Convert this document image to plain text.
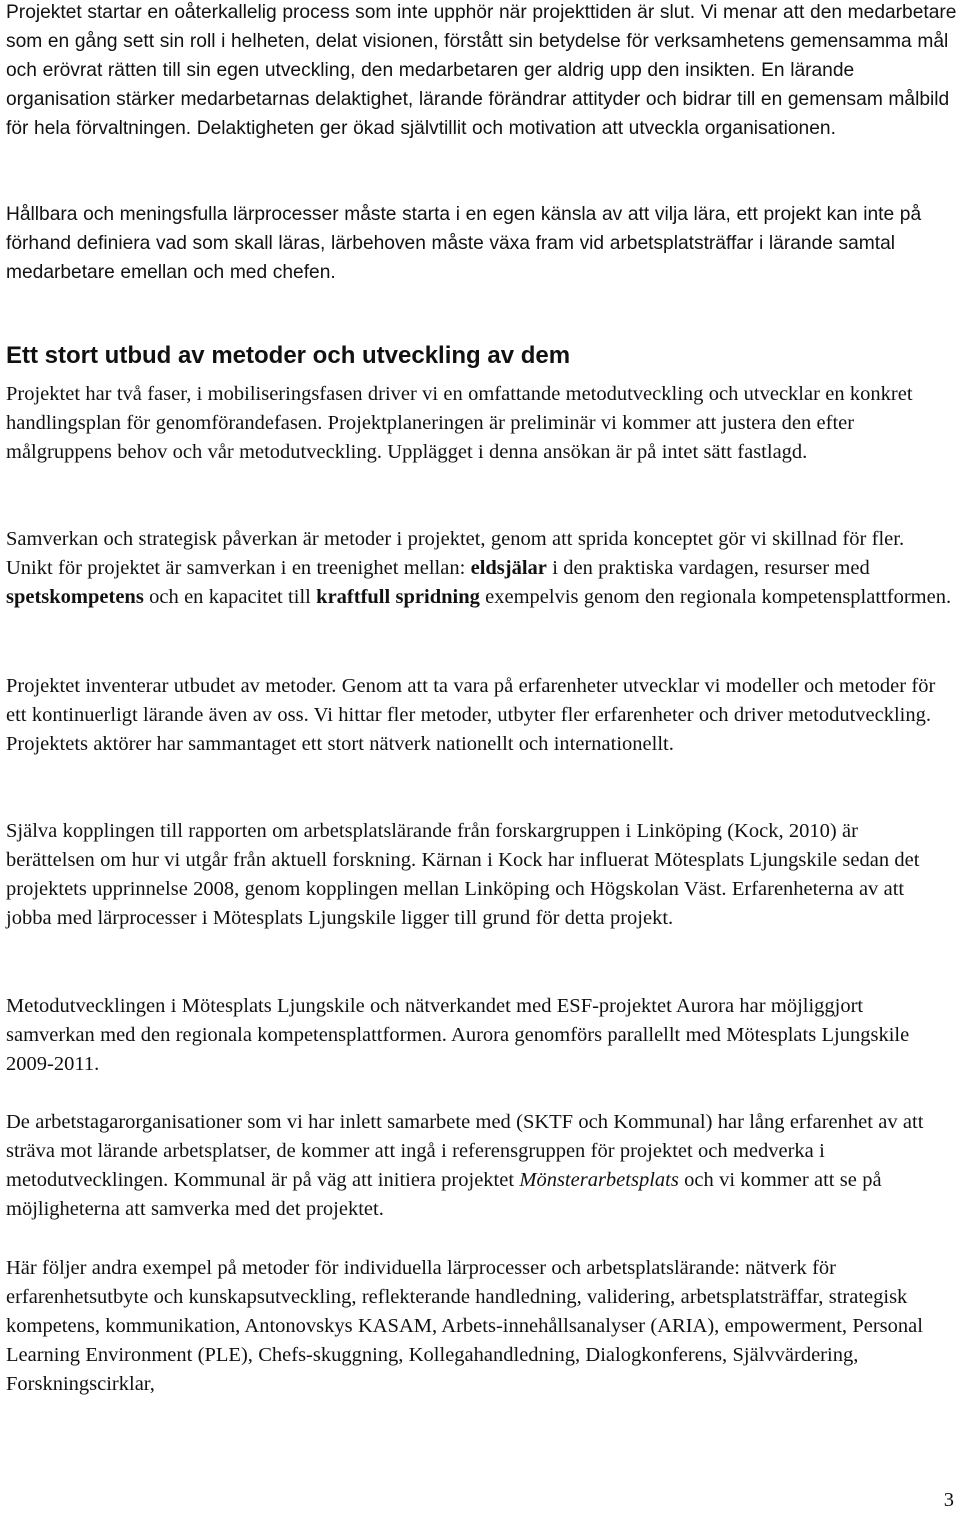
Projektet startar en oåterkallelig process som inte upphör när projekttiden är slut. Vi menar att den medarbetare som en gång sett sin roll i helheten, delat visionen, förstått sin betydelse för verksamhetens gemensamma mål och erövrat rätten till sin egen utveckling, den medarbetaren ger aldrig upp den insikten. En lärande organisation stärker medarbetarnas delaktighet, lärande förändrar attityder och bidrar till en gemensam målbild för hela förvaltningen. Delaktigheten ger ökad självtillit och motivation att utveckla organisationen.

Hållbara och meningsfulla lärprocesser måste starta i en egen känsla av att vilja lära, ett projekt kan inte på förhand definiera vad som skall läras, lärbehoven måste växa fram vid arbetsplatsträffar i lärande samtal medarbetare emellan och med chefen.

Ett stort utbud av metoder och utveckling av dem

Projektet har två faser, i mobiliseringsfasen driver vi en omfattande metodutveckling och utvecklar en konkret handlingsplan för genomförandefasen. Projektplaneringen är preliminär vi kommer att justera den efter målgruppens behov och vår metodutveckling. Upplägget i denna ansökan är på intet sätt fastlagd.

Samverkan och strategisk påverkan är metoder i projektet, genom att sprida konceptet gör vi skillnad för fler. Unikt för projektet är samverkan i en treenighet mellan: eldsjälar i den praktiska vardagen, resurser med spetskompetens och en kapacitet till kraftfull spridning exempelvis genom den regionala kompetensplattformen.

Projektet inventerar utbudet av metoder. Genom att ta vara på erfarenheter utvecklar vi modeller och metoder för ett kontinuerligt lärande även av oss. Vi hittar fler metoder, utbyter fler erfarenheter och driver metodutveckling. Projektets aktörer har sammantaget ett stort nätverk nationellt och internationellt.

Själva kopplingen till rapporten om arbetsplatslärande från forskargruppen i Linköping (Kock, 2010) är berättelsen om hur vi utgår från aktuell forskning. Kärnan i Kock har influerat Mötesplats Ljungskile sedan det projektets upprinnelse 2008, genom kopplingen mellan Linköping och Högskolan Väst. Erfarenheterna av att jobba med lärprocesser i Mötesplats Ljungskile ligger till grund för detta projekt.

Metodutvecklingen i Mötesplats Ljungskile och nätverkandet med ESF-projektet Aurora har möjliggjort samverkan med den regionala kompetensplattformen. Aurora genomförs parallellt med Mötesplats Ljungskile 2009-2011.

De arbetstagarorganisationer som vi har inlett samarbete med (SKTF och Kommunal) har lång erfarenhet av att sträva mot lärande arbetsplatser, de kommer att ingå i referensgruppen för projektet och medverka i metodutvecklingen. Kommunal är på väg att initiera projektet Mönsterarbetsplats och vi kommer att se på möjligheterna att samverka med det projektet.

Här följer andra exempel på metoder för individuella lärprocesser och arbetsplatslärande: nätverk för erfarenhetsutbyte och kunskapsutveckling, reflekterande handledning, validering, arbetsplatsträffar, strategisk kompetens, kommunikation, Antonovskys KASAM, Arbets-innehållsanalyser (ARIA), empowerment, Personal Learning Environment (PLE), Chefs-skuggning, Kollegahandledning, Dialogkonferens, Självvärdering, Forskningscirklar,

3
